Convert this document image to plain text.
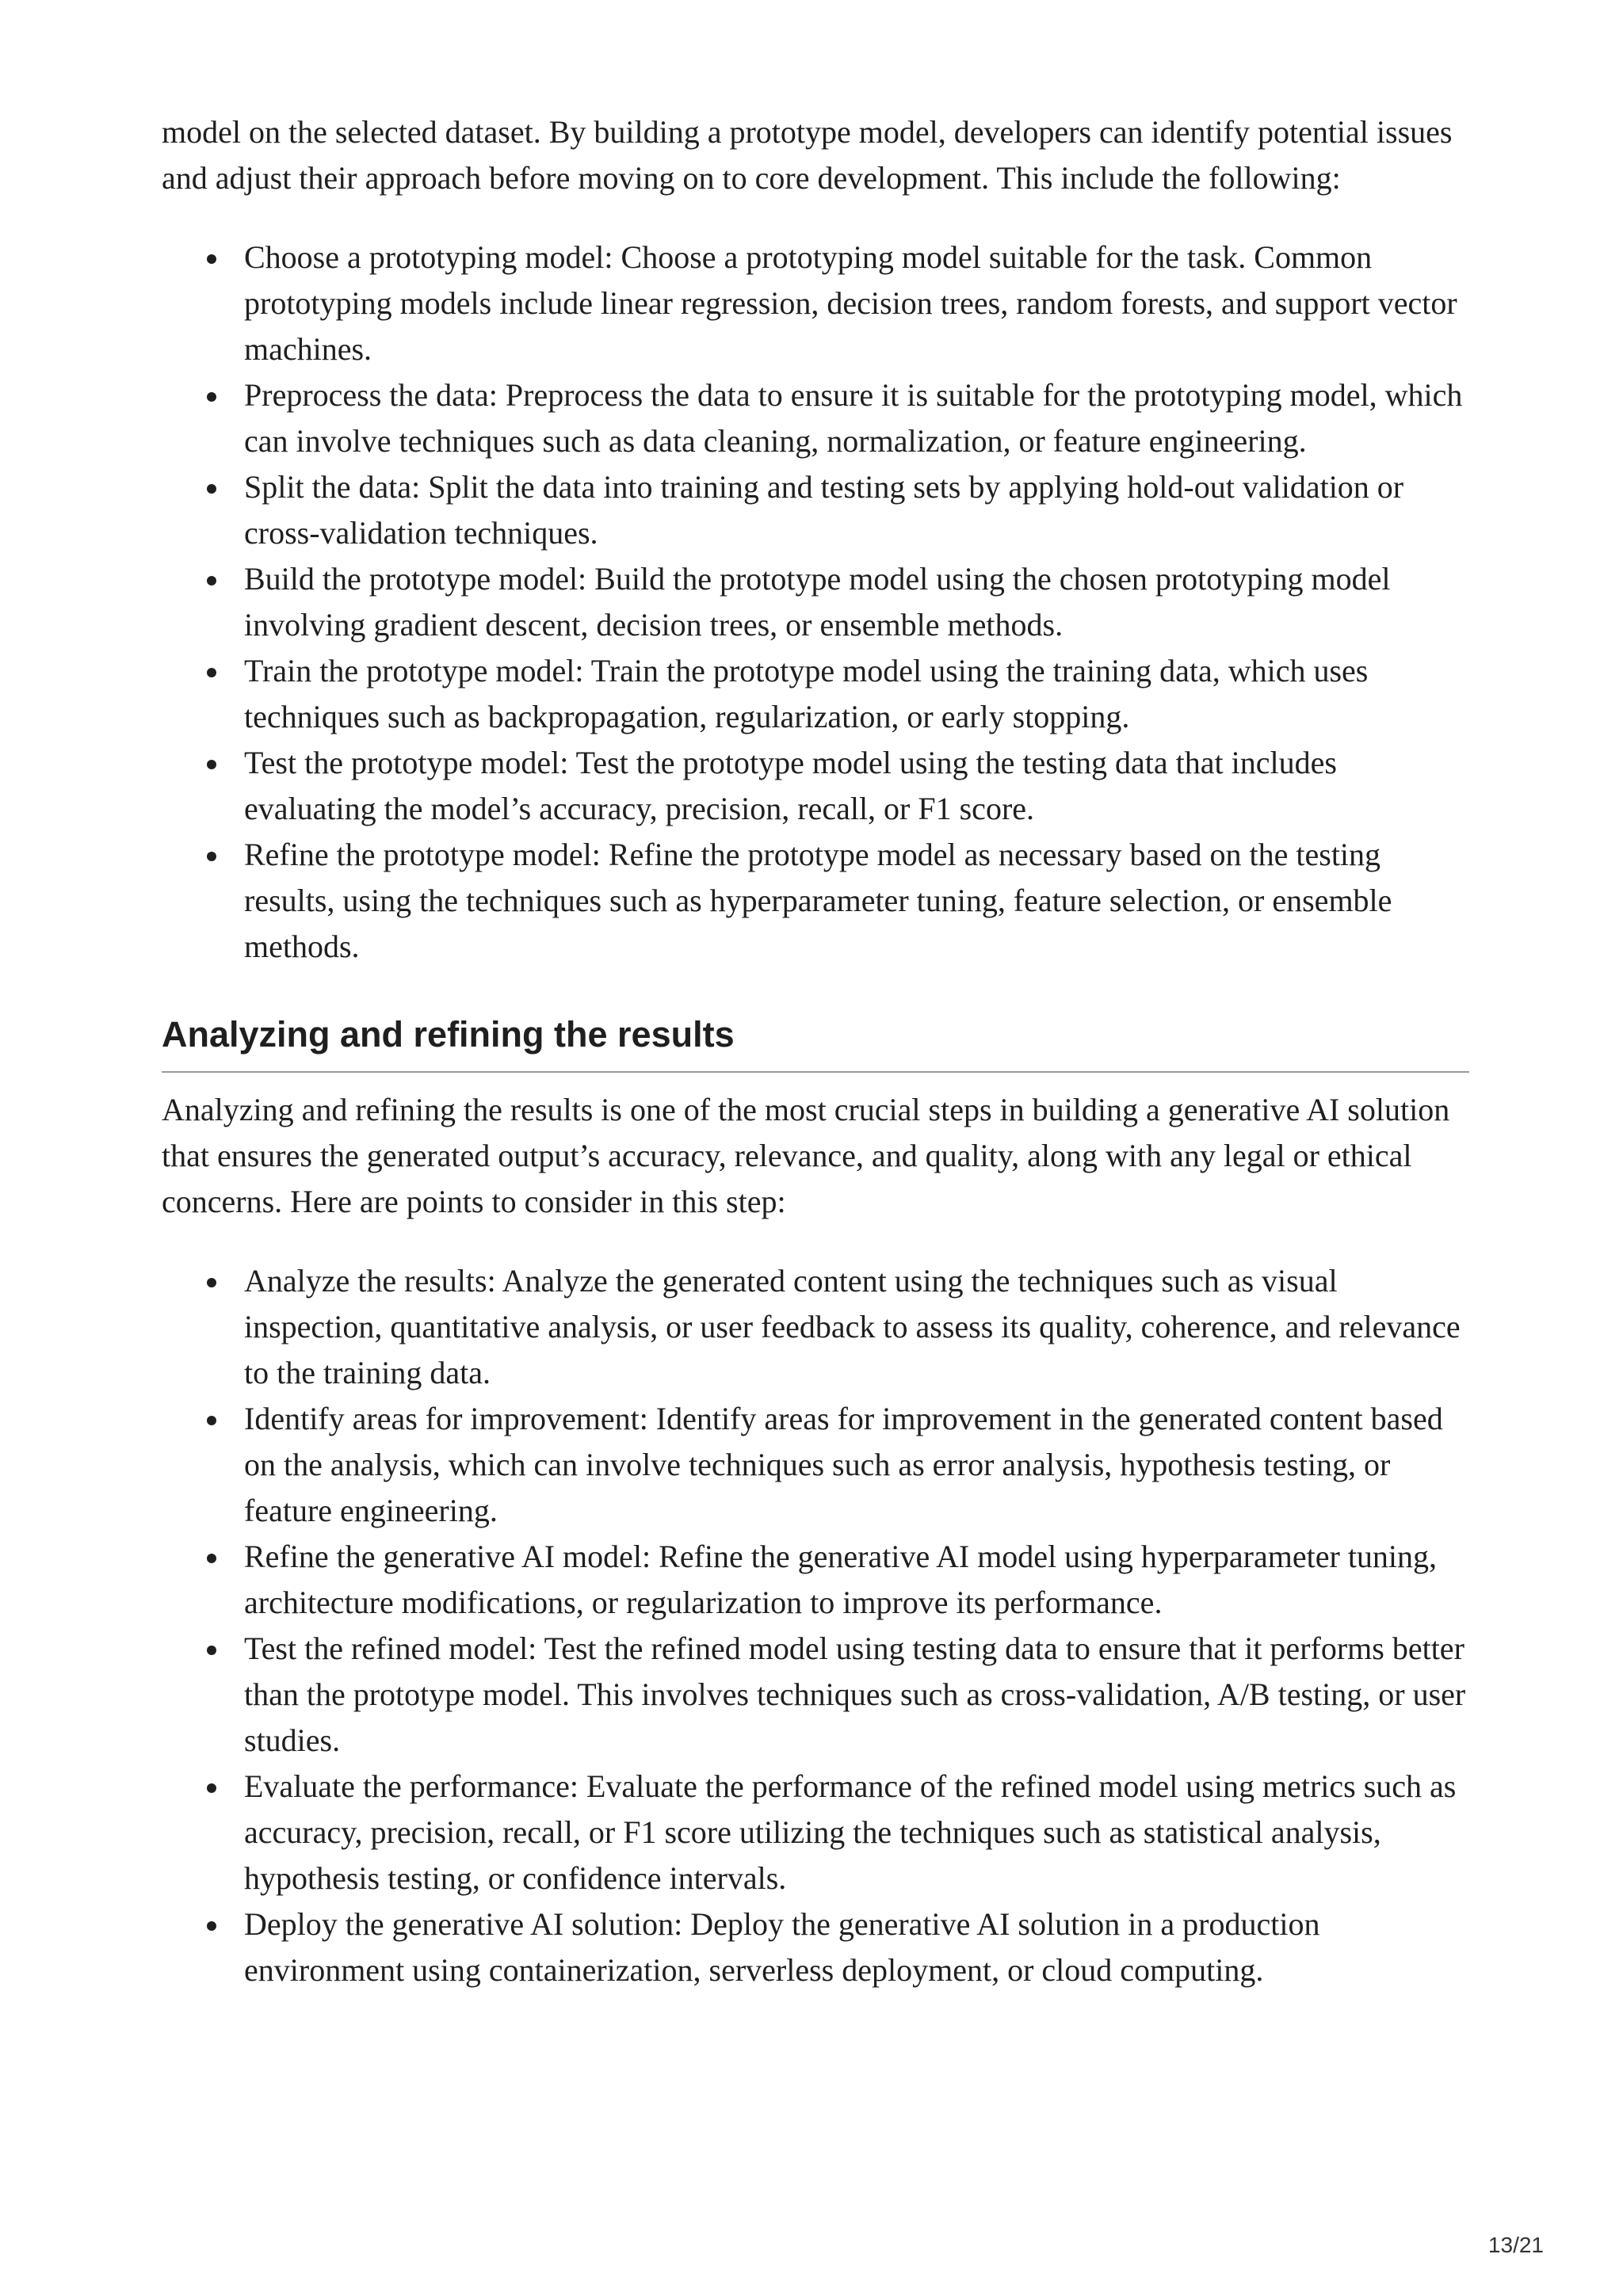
model on the selected dataset. By building a prototype model, developers can identify potential issues and adjust their approach before moving on to core development. This include the following:

Choose a prototyping model: Choose a prototyping model suitable for the task. Common prototyping models include linear regression, decision trees, random forests, and support vector machines.
Preprocess the data: Preprocess the data to ensure it is suitable for the prototyping model, which can involve techniques such as data cleaning, normalization, or feature engineering.
Split the data: Split the data into training and testing sets by applying hold-out validation or cross-validation techniques.
Build the prototype model: Build the prototype model using the chosen prototyping model involving gradient descent, decision trees, or ensemble methods.
Train the prototype model: Train the prototype model using the training data, which uses techniques such as backpropagation, regularization, or early stopping.
Test the prototype model: Test the prototype model using the testing data that includes evaluating the model’s accuracy, precision, recall, or F1 score.
Refine the prototype model: Refine the prototype model as necessary based on the testing results, using the techniques such as hyperparameter tuning, feature selection, or ensemble methods.
Analyzing and refining the results

Analyzing and refining the results is one of the most crucial steps in building a generative AI solution that ensures the generated output’s accuracy, relevance, and quality, along with any legal or ethical concerns. Here are points to consider in this step:

Analyze the results: Analyze the generated content using the techniques such as visual inspection, quantitative analysis, or user feedback to assess its quality, coherence, and relevance to the training data.
Identify areas for improvement: Identify areas for improvement in the generated content based on the analysis, which can involve techniques such as error analysis, hypothesis testing, or feature engineering.
Refine the generative AI model: Refine the generative AI model using hyperparameter tuning, architecture modifications, or regularization to improve its performance.
Test the refined model: Test the refined model using testing data to ensure that it performs better than the prototype model. This involves techniques such as cross-validation, A/B testing, or user studies.
Evaluate the performance: Evaluate the performance of the refined model using metrics such as accuracy, precision, recall, or F1 score utilizing the techniques such as statistical analysis, hypothesis testing, or confidence intervals.
Deploy the generative AI solution: Deploy the generative AI solution in a production environment using containerization, serverless deployment, or cloud computing.
13/21
